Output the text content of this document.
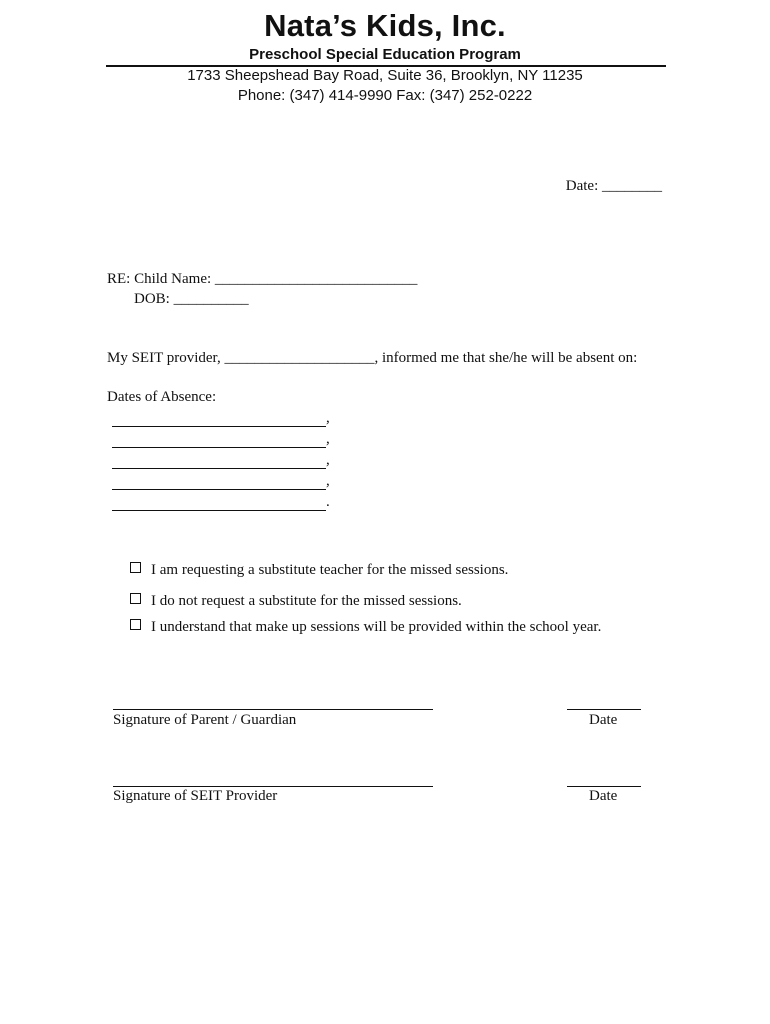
Nata’s Kids, Inc.
Preschool Special Education Program
1733 Sheepshead Bay Road, Suite 36, Brooklyn, NY 11235
Phone: (347) 414-9990 Fax: (347) 252-0222
Date: ________
RE: Child Name: ___________________________
DOB: __________
My SEIT provider, ____________________, informed me that she/he will be absent on:
Dates of Absence:
,
,
,
,
.
I am requesting a substitute teacher for the missed sessions.
I do not request a substitute for the missed sessions.
I understand that make up sessions will be provided within the school year.
Signature of Parent / Guardian	Date
Signature of SEIT Provider	Date
